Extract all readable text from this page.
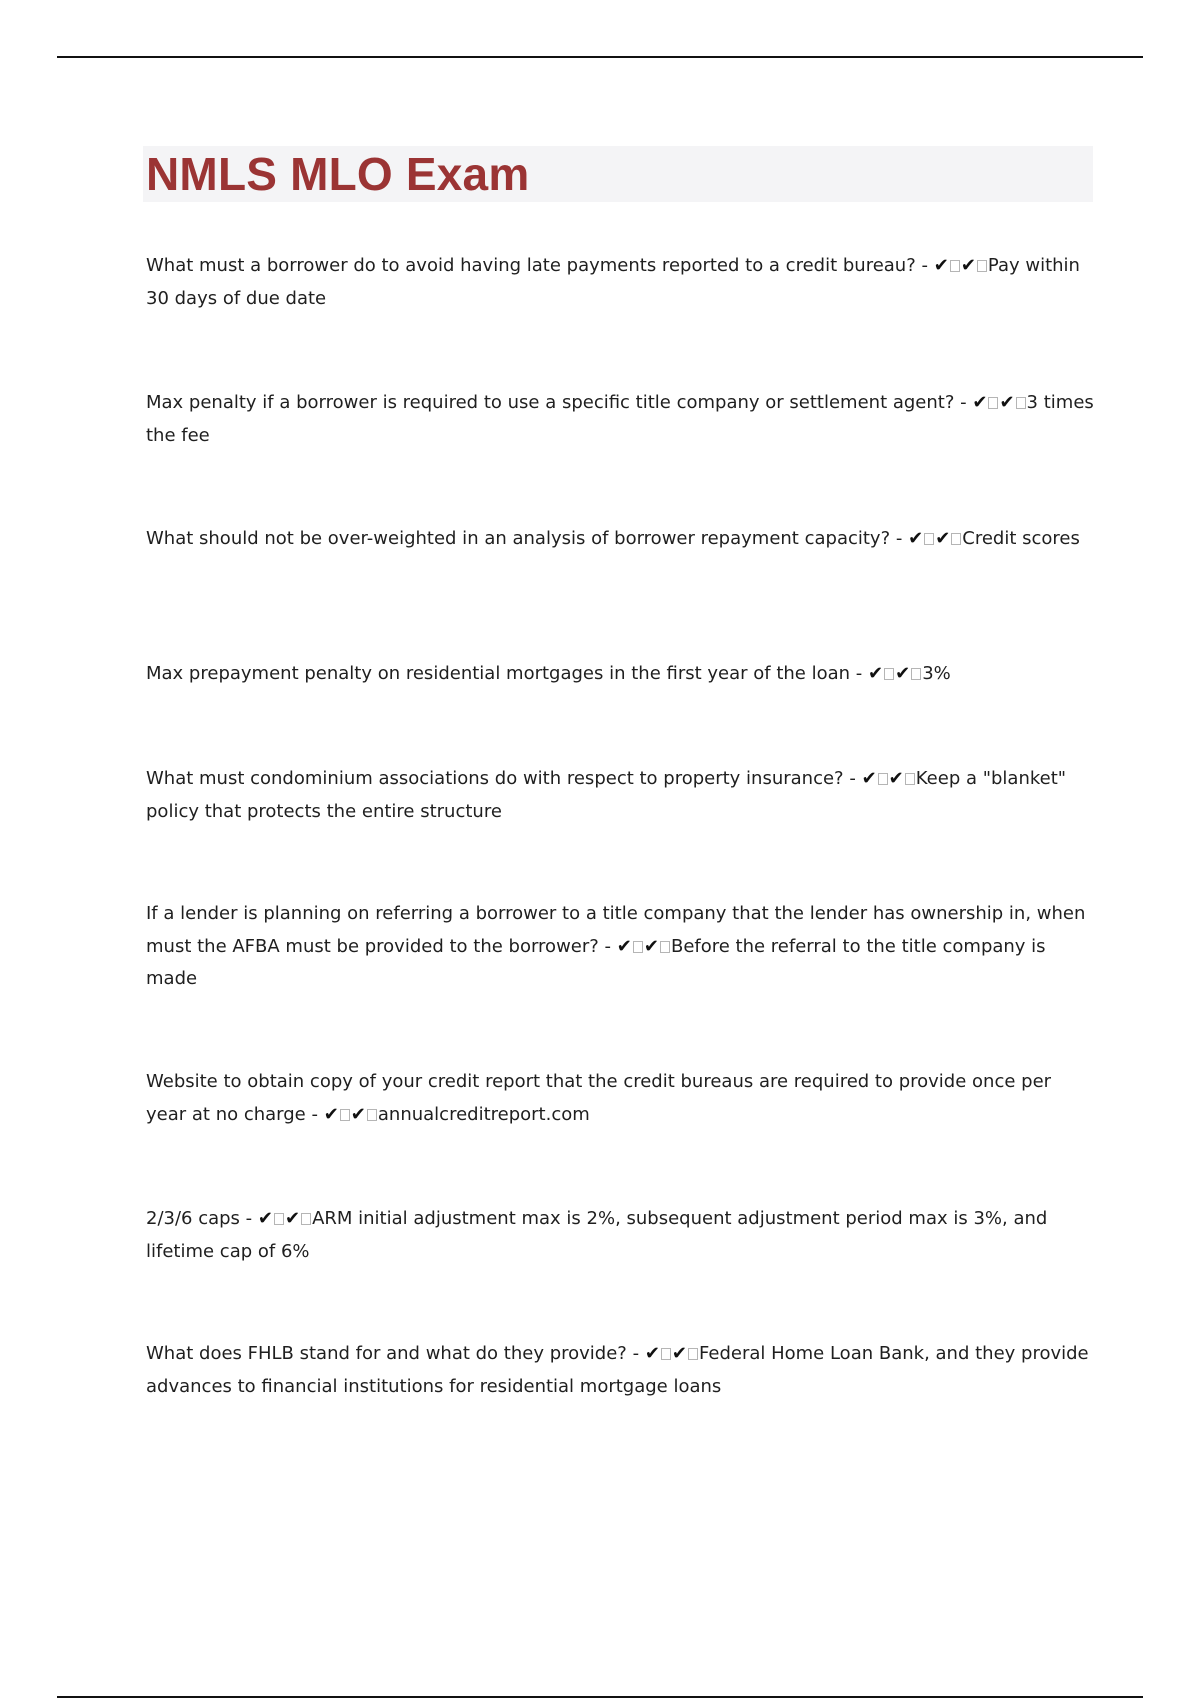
NMLS MLO Exam

What must a borrower do to avoid having late payments reported to a credit bureau? - ✔ ✔ Pay within 30 days of due date

Max penalty if a borrower is required to use a specific title company or settlement agent? - ✔ ✔ 3 times the fee

What should not be over-weighted in an analysis of borrower repayment capacity? - ✔ ✔ Credit scores

Max prepayment penalty on residential mortgages in the first year of the loan - ✔ ✔ 3%

What must condominium associations do with respect to property insurance? - ✔ ✔ Keep a "blanket" policy that protects the entire structure

If a lender is planning on referring a borrower to a title company that the lender has ownership in, when must the AFBA must be provided to the borrower? - ✔ ✔ Before the referral to the title company is made

Website to obtain copy of your credit report that the credit bureaus are required to provide once per year at no charge - ✔ ✔ annualcreditreport.com

2/3/6 caps - ✔ ✔ ARM initial adjustment max is 2%, subsequent adjustment period max is 3%, and lifetime cap of 6%

What does FHLB stand for and what do they provide? - ✔ ✔ Federal Home Loan Bank, and they provide advances to financial institutions for residential mortgage loans
